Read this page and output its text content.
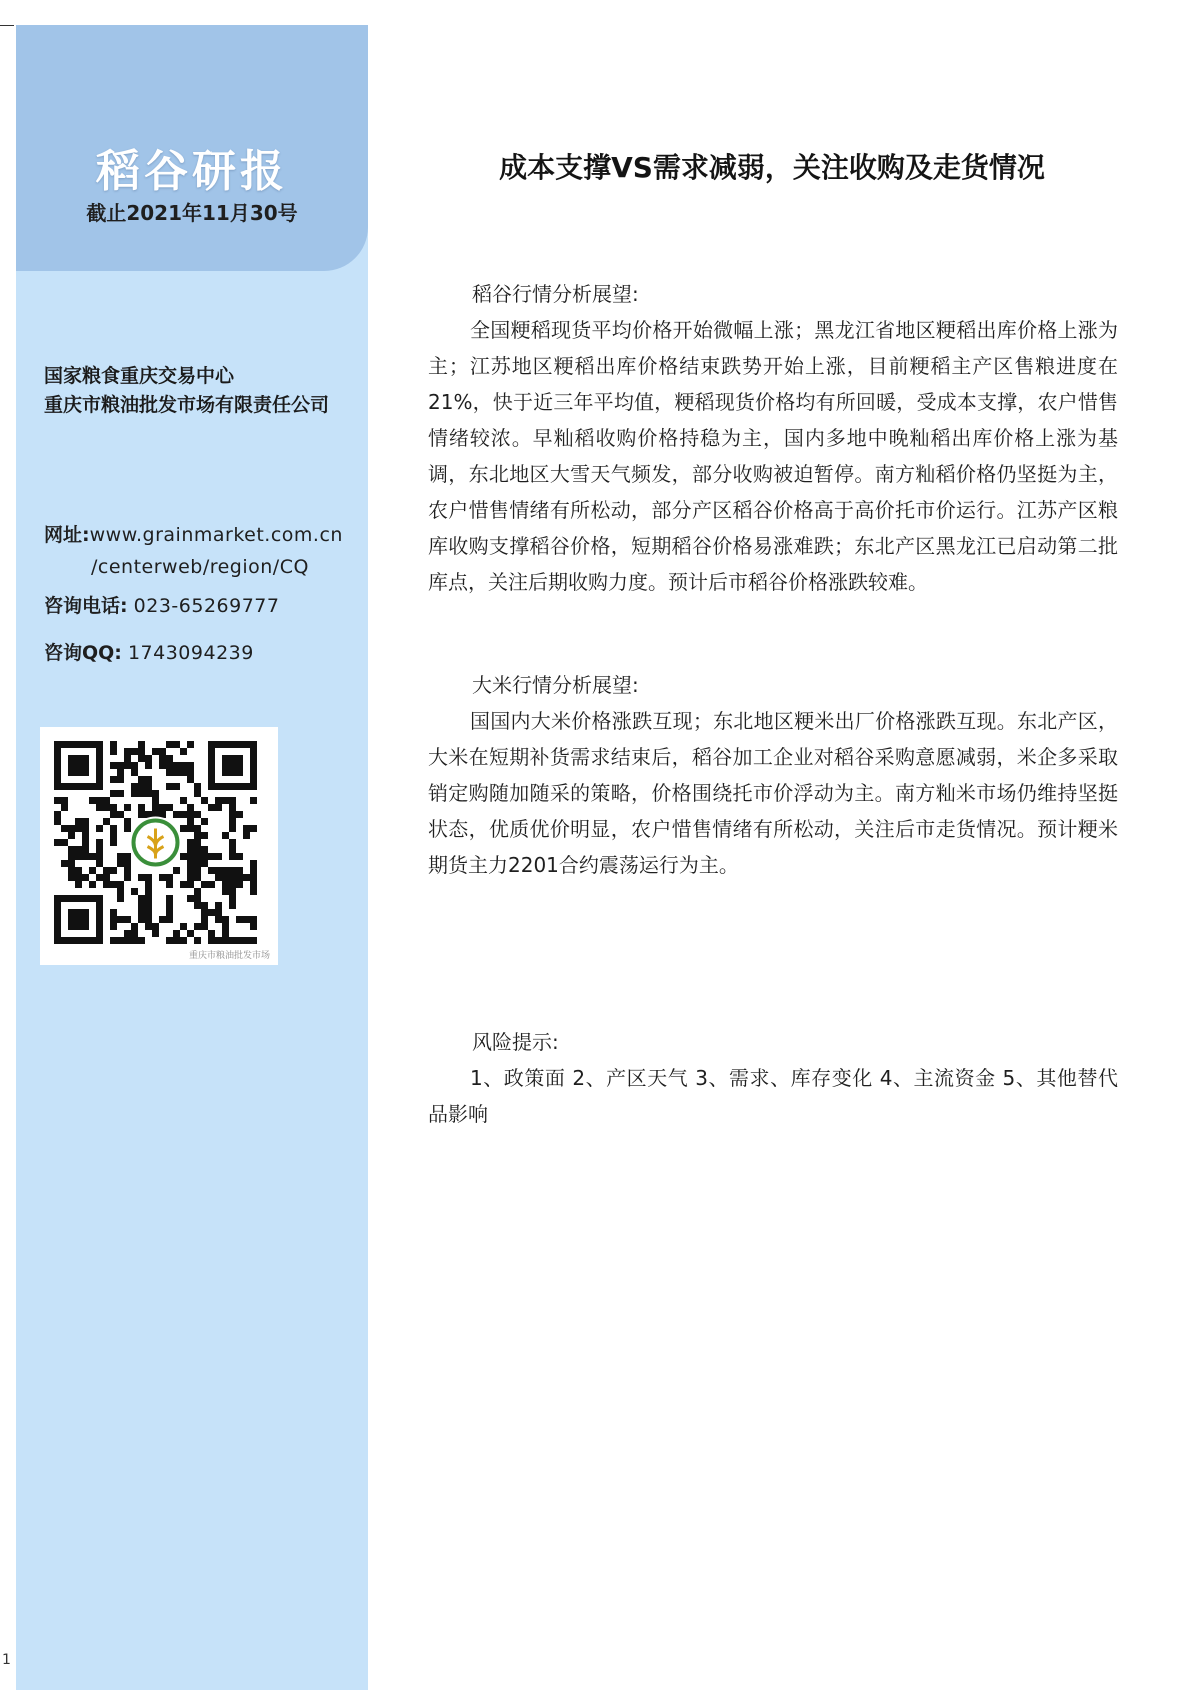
1
稻谷研报
截止2021年11月30号
国家粮食重庆交易中心
重庆市粮油批发市场有限责任公司
网址:www.grainmarket.com.cn
/centerweb/region/CQ
咨询电话: 023-65269777
咨询QQ: 1743094239
重庆市粮油批发市场
成本支撑VS需求减弱，关注收购及走货情况
稻谷行情分析展望:

全国粳稻现货平均价格开始微幅上涨；黑龙江省地区粳稻出库价格上涨为主；江苏地区粳稻出库价格结束跌势开始上涨，目前粳稻主产区售粮进度在21%，快于近三年平均值，粳稻现货价格均有所回暖，受成本支撑，农户惜售情绪较浓。早籼稻收购价格持稳为主，国内多地中晚籼稻出库价格上涨为基调，东北地区大雪天气频发，部分收购被迫暂停。南方籼稻价格仍坚挺为主，农户惜售情绪有所松动，部分产区稻谷价格高于高价托市价运行。江苏产区粮库收购支撑稻谷价格，短期稻谷价格易涨难跌；东北产区黑龙江已启动第二批库点，关注后期收购力度。预计后市稻谷价格涨跌较难。

大米行情分析展望:

国国内大米价格涨跌互现；东北地区粳米出厂价格涨跌互现。东北产区，大米在短期补货需求结束后，稻谷加工企业对稻谷采购意愿减弱，米企多采取销定购随加随采的策略，价格围绕托市价浮动为主。南方籼米市场仍维持坚挺状态，优质优价明显，农户惜售情绪有所松动，关注后市走货情况。预计粳米期货主力2201合约震荡运行为主。

风险提示:

1、政策面 2、产区天气 3、需求、库存变化 4、主流资金 5、其他替代品影响
